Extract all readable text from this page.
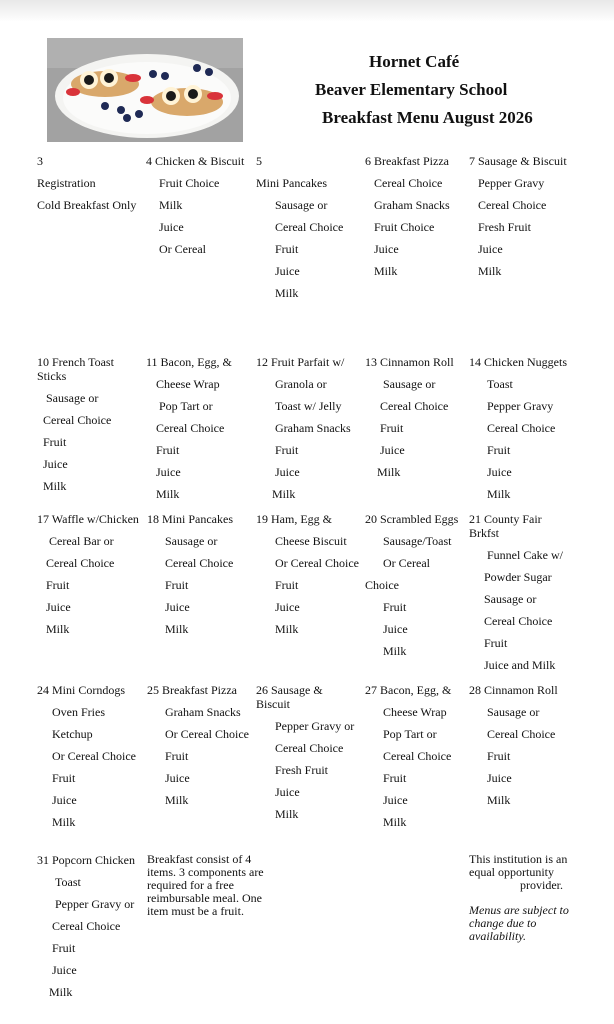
Hornet Café
Beaver Elementary School
Breakfast Menu August 2026
3
Registration
Cold Breakfast Only
4 Chicken & Biscuit
Fruit Choice
Milk
Juice
Or Cereal
5
Mini Pancakes
Sausage or
Cereal Choice
Fruit
Juice
Milk
6 Breakfast Pizza
Cereal Choice
Graham Snacks
Fruit Choice
Juice
Milk
7 Sausage & Biscuit
Pepper Gravy
Cereal Choice
Fresh Fruit
Juice
Milk
10 French Toast Sticks
Sausage or
Cereal Choice
Fruit
Juice
Milk
11 Bacon, Egg, &
Cheese Wrap
Pop Tart or
Cereal Choice
Fruit
Juice
Milk
12 Fruit Parfait w/
Granola or
Toast w/ Jelly
Graham Snacks
Fruit
Juice
Milk
13 Cinnamon Roll
Sausage or
Cereal Choice
Fruit
Juice
Milk
14 Chicken Nuggets
Toast
Pepper Gravy
Cereal Choice
Fruit
Juice
Milk
17 Waffle w/Chicken
Cereal Bar or
Cereal Choice
Fruit
Juice
Milk
18 Mini Pancakes
Sausage or
Cereal Choice
Fruit
Juice
Milk
19 Ham, Egg &
Cheese Biscuit
Or Cereal Choice
Fruit
Juice
Milk
20 Scrambled Eggs
Sausage/Toast
Or Cereal
Choice
Fruit
Juice
Milk
21 County Fair Brkfst
Funnel Cake w/
Powder Sugar
Sausage or
Cereal Choice
Fruit
Juice and Milk
24 Mini Corndogs
Oven Fries
Ketchup
Or Cereal Choice
Fruit
Juice
Milk
25 Breakfast Pizza
Graham Snacks
Or Cereal Choice
Fruit
Juice
Milk
26 Sausage & Biscuit
Pepper Gravy or
Cereal Choice
Fresh Fruit
Juice
Milk
27 Bacon, Egg, &
Cheese Wrap
Pop Tart or
Cereal Choice
Fruit
Juice
Milk
28 Cinnamon Roll
Sausage or
Cereal Choice
Fruit
Juice
Milk
31 Popcorn Chicken
Toast
Pepper Gravy or
Cereal Choice
Fruit
Juice
Milk
Breakfast consist of 4 items. 3 components are required for a free reimbursable meal. One item must be a fruit.
This institution is an equal opportunity
provider.
Menus are subject to change due to availability.
